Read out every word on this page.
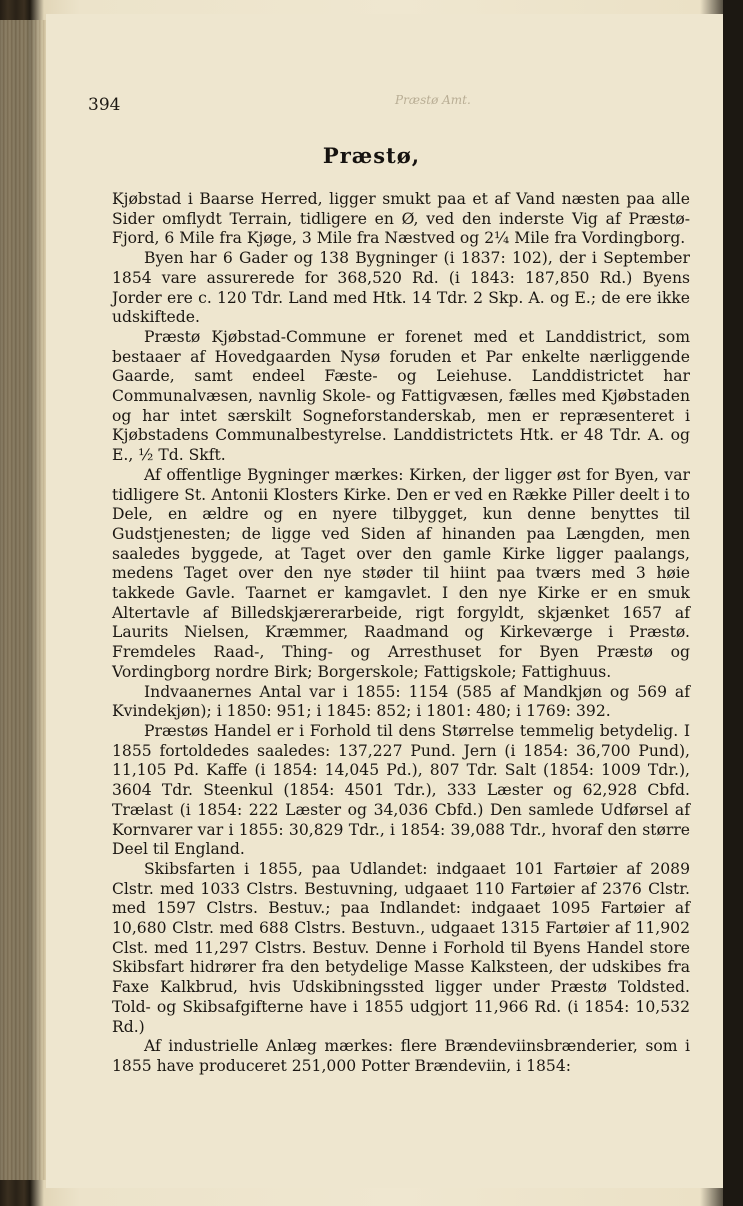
Præstø Amt.
394
Præstø,

Kjøbstad i Baarse Herred, ligger smukt paa et af Vand næsten paa alle Sider omflydt Terrain, tidligere en Ø, ved den inderste Vig af Præstø-Fjord, 6 Mile fra Kjøge, 3 Mile fra Næstved og 2¼ Mile fra Vordingborg.

Byen har 6 Gader og 138 Bygninger (i 1837: 102), der i September 1854 vare assurerede for 368,520 Rd. (i 1843: 187,850 Rd.) Byens Jorder ere c. 120 Tdr. Land med Htk. 14 Tdr. 2 Skp. A. og E.; de ere ikke udskiftede.

Præstø Kjøbstad-Commune er forenet med et Landdistrict, som bestaaer af Hovedgaarden Nysø foruden et Par enkelte nærliggende Gaarde, samt endeel Fæste- og Leiehuse. Landdistrictet har Communalvæsen, navnlig Skole- og Fattigvæsen, fælles med Kjøbstaden og har intet særskilt Sogneforstanderskab, men er repræsenteret i Kjøbstadens Communalbestyrelse. Landdistrictets Htk. er 48 Tdr. A. og E., ½ Td. Skft.

Af offentlige Bygninger mærkes: Kirken, der ligger øst for Byen, var tidligere St. Antonii Klosters Kirke. Den er ved en Række Piller deelt i to Dele, en ældre og en nyere tilbygget, kun denne benyttes til Gudstjenesten; de ligge ved Siden af hinanden paa Længden, men saaledes byggede, at Taget over den gamle Kirke ligger paalangs, medens Taget over den nye støder til hiint paa tværs med 3 høie takkede Gavle. Taarnet er kamgavlet. I den nye Kirke er en smuk Altertavle af Billedskjærerarbeide, rigt forgyldt, skjænket 1657 af Laurits Nielsen, Kræmmer, Raadmand og Kirkeværge i Præstø. Fremdeles Raad-, Thing- og Arresthuset for Byen Præstø og Vordingborg nordre Birk; Borgerskole; Fattigskole; Fattighuus.

Indvaanernes Antal var i 1855: 1154 (585 af Mandkjøn og 569 af Kvindekjøn); i 1850: 951; i 1845: 852; i 1801: 480; i 1769: 392.

Præstøs Handel er i Forhold til dens Størrelse temmelig betydelig. I 1855 fortoldedes saaledes: 137,227 Pund. Jern (i 1854: 36,700 Pund), 11,105 Pd. Kaffe (i 1854: 14,045 Pd.), 807 Tdr. Salt (1854: 1009 Tdr.), 3604 Tdr. Steenkul (1854: 4501 Tdr.), 333 Læster og 62,928 Cbfd. Trælast (i 1854: 222 Læster og 34,036 Cbfd.) Den samlede Udførsel af Kornvarer var i 1855: 30,829 Tdr., i 1854: 39,088 Tdr., hvoraf den større Deel til England.

Skibsfarten i 1855, paa Udlandet: indgaaet 101 Fartøier af 2089 Clstr. med 1033 Clstrs. Bestuvning, udgaaet 110 Fartøier af 2376 Clstr. med 1597 Clstrs. Bestuv.; paa Indlandet: indgaaet 1095 Fartøier af 10,680 Clstr. med 688 Clstrs. Bestuvn., udgaaet 1315 Fartøier af 11,902 Clst. med 11,297 Clstrs. Bestuv. Denne i Forhold til Byens Handel store Skibsfart hidrører fra den betydelige Masse Kalksteen, der udskibes fra Faxe Kalkbrud, hvis Udskibningssted ligger under Præstø Toldsted. Told- og Skibsafgifterne have i 1855 udgjort 11,966 Rd. (i 1854: 10,532 Rd.)

Af industrielle Anlæg mærkes: flere Brændeviinsbrænderier, som i 1855 have produceret 251,000 Potter Brændeviin, i 1854:
